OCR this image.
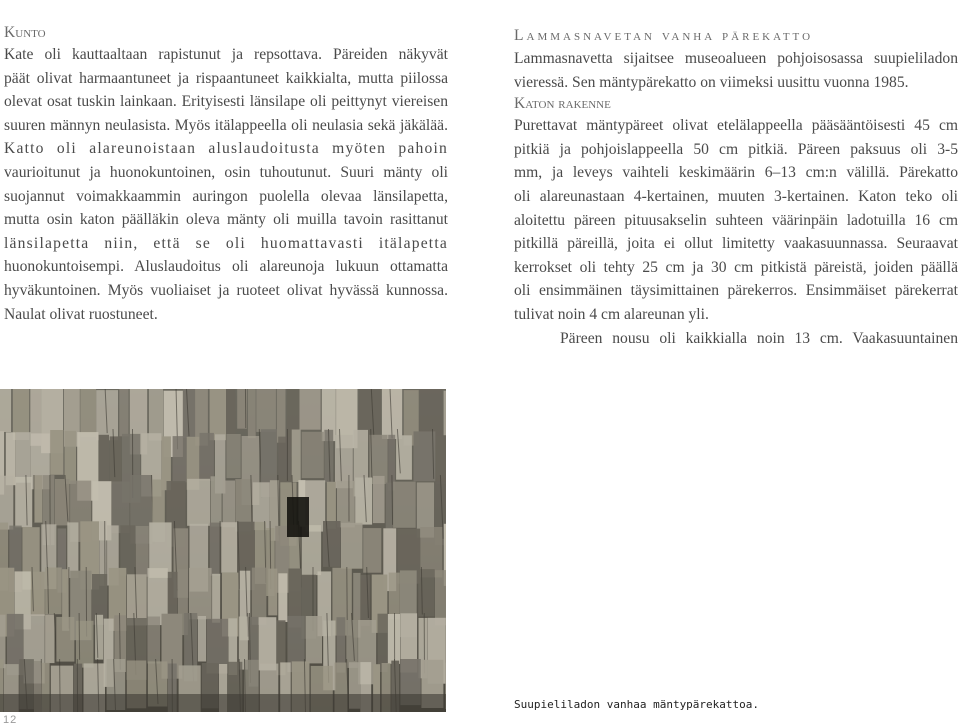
Kunto
Kate oli kauttaaltaan rapistunut ja repsottava. Päreiden näkyvät
päät olivat harmaantuneet ja rispaantuneet kaikkialta, mutta piilossa
olevat osat tuskin lainkaan. Erityisesti länsilape oli peittynyt viereisen
suuren männyn neulasista. Myös itälappeella oli neulasia sekä jäkälää.
Katto oli alareunoistaan aluslaudoitusta myöten pahoin
vaurioitunut ja huonokuntoinen, osin tuhoutunut. Suuri mänty oli
suojannut voimakkaammin auringon puolella olevaa länsilapetta,
mutta osin katon päälläkin oleva mänty oli muilla tavoin rasittanut
länsilapetta niin, että se oli huomattavasti itälapetta
huonokuntoisempi. Aluslaudoitus oli alareunoja lukuun ottamatta
hyväkuntoinen. Myös vuoliaiset ja ruoteet olivat hyvässä kunnossa.
Naulat olivat ruostuneet.
Lammasnavetan vanha pärekatto
Lammasnavetta sijaitsee museoalueen pohjoisosassa suupieliladon
vieressä. Sen mäntypärekatto on viimeksi uusittu vuonna 1985.
Katon rakenne
Purettavat mäntypäreet olivat etelälappeella pääsääntöisesti 45 cm
pitkiä ja pohjoislappeella 50 cm pitkiä. Päreen paksuus oli 3-5
mm, ja leveys vaihteli keskimäärin 6–13 cm:n välillä. Pärekatto
oli alareunastaan 4-kertainen, muuten 3-kertainen. Katon teko oli
aloitettu päreen pituusakselin suhteen väärinpäin ladotuilla 16 cm
pitkillä päreillä, joita ei ollut limitetty vaakasuunnassa. Seuraavat
kerrokset oli tehty 25 cm ja 30 cm pitkistä päreistä, joiden päällä
oli ensimmäinen täysimittainen pärekerros. Ensimmäiset pärekerrat
tulivat noin 4 cm alareunan yli.
Päreen nousu oli kaikkialla noin 13 cm. Vaakasuuntainen
Suupieliladon vanhaa mäntypärekattoa.
12
